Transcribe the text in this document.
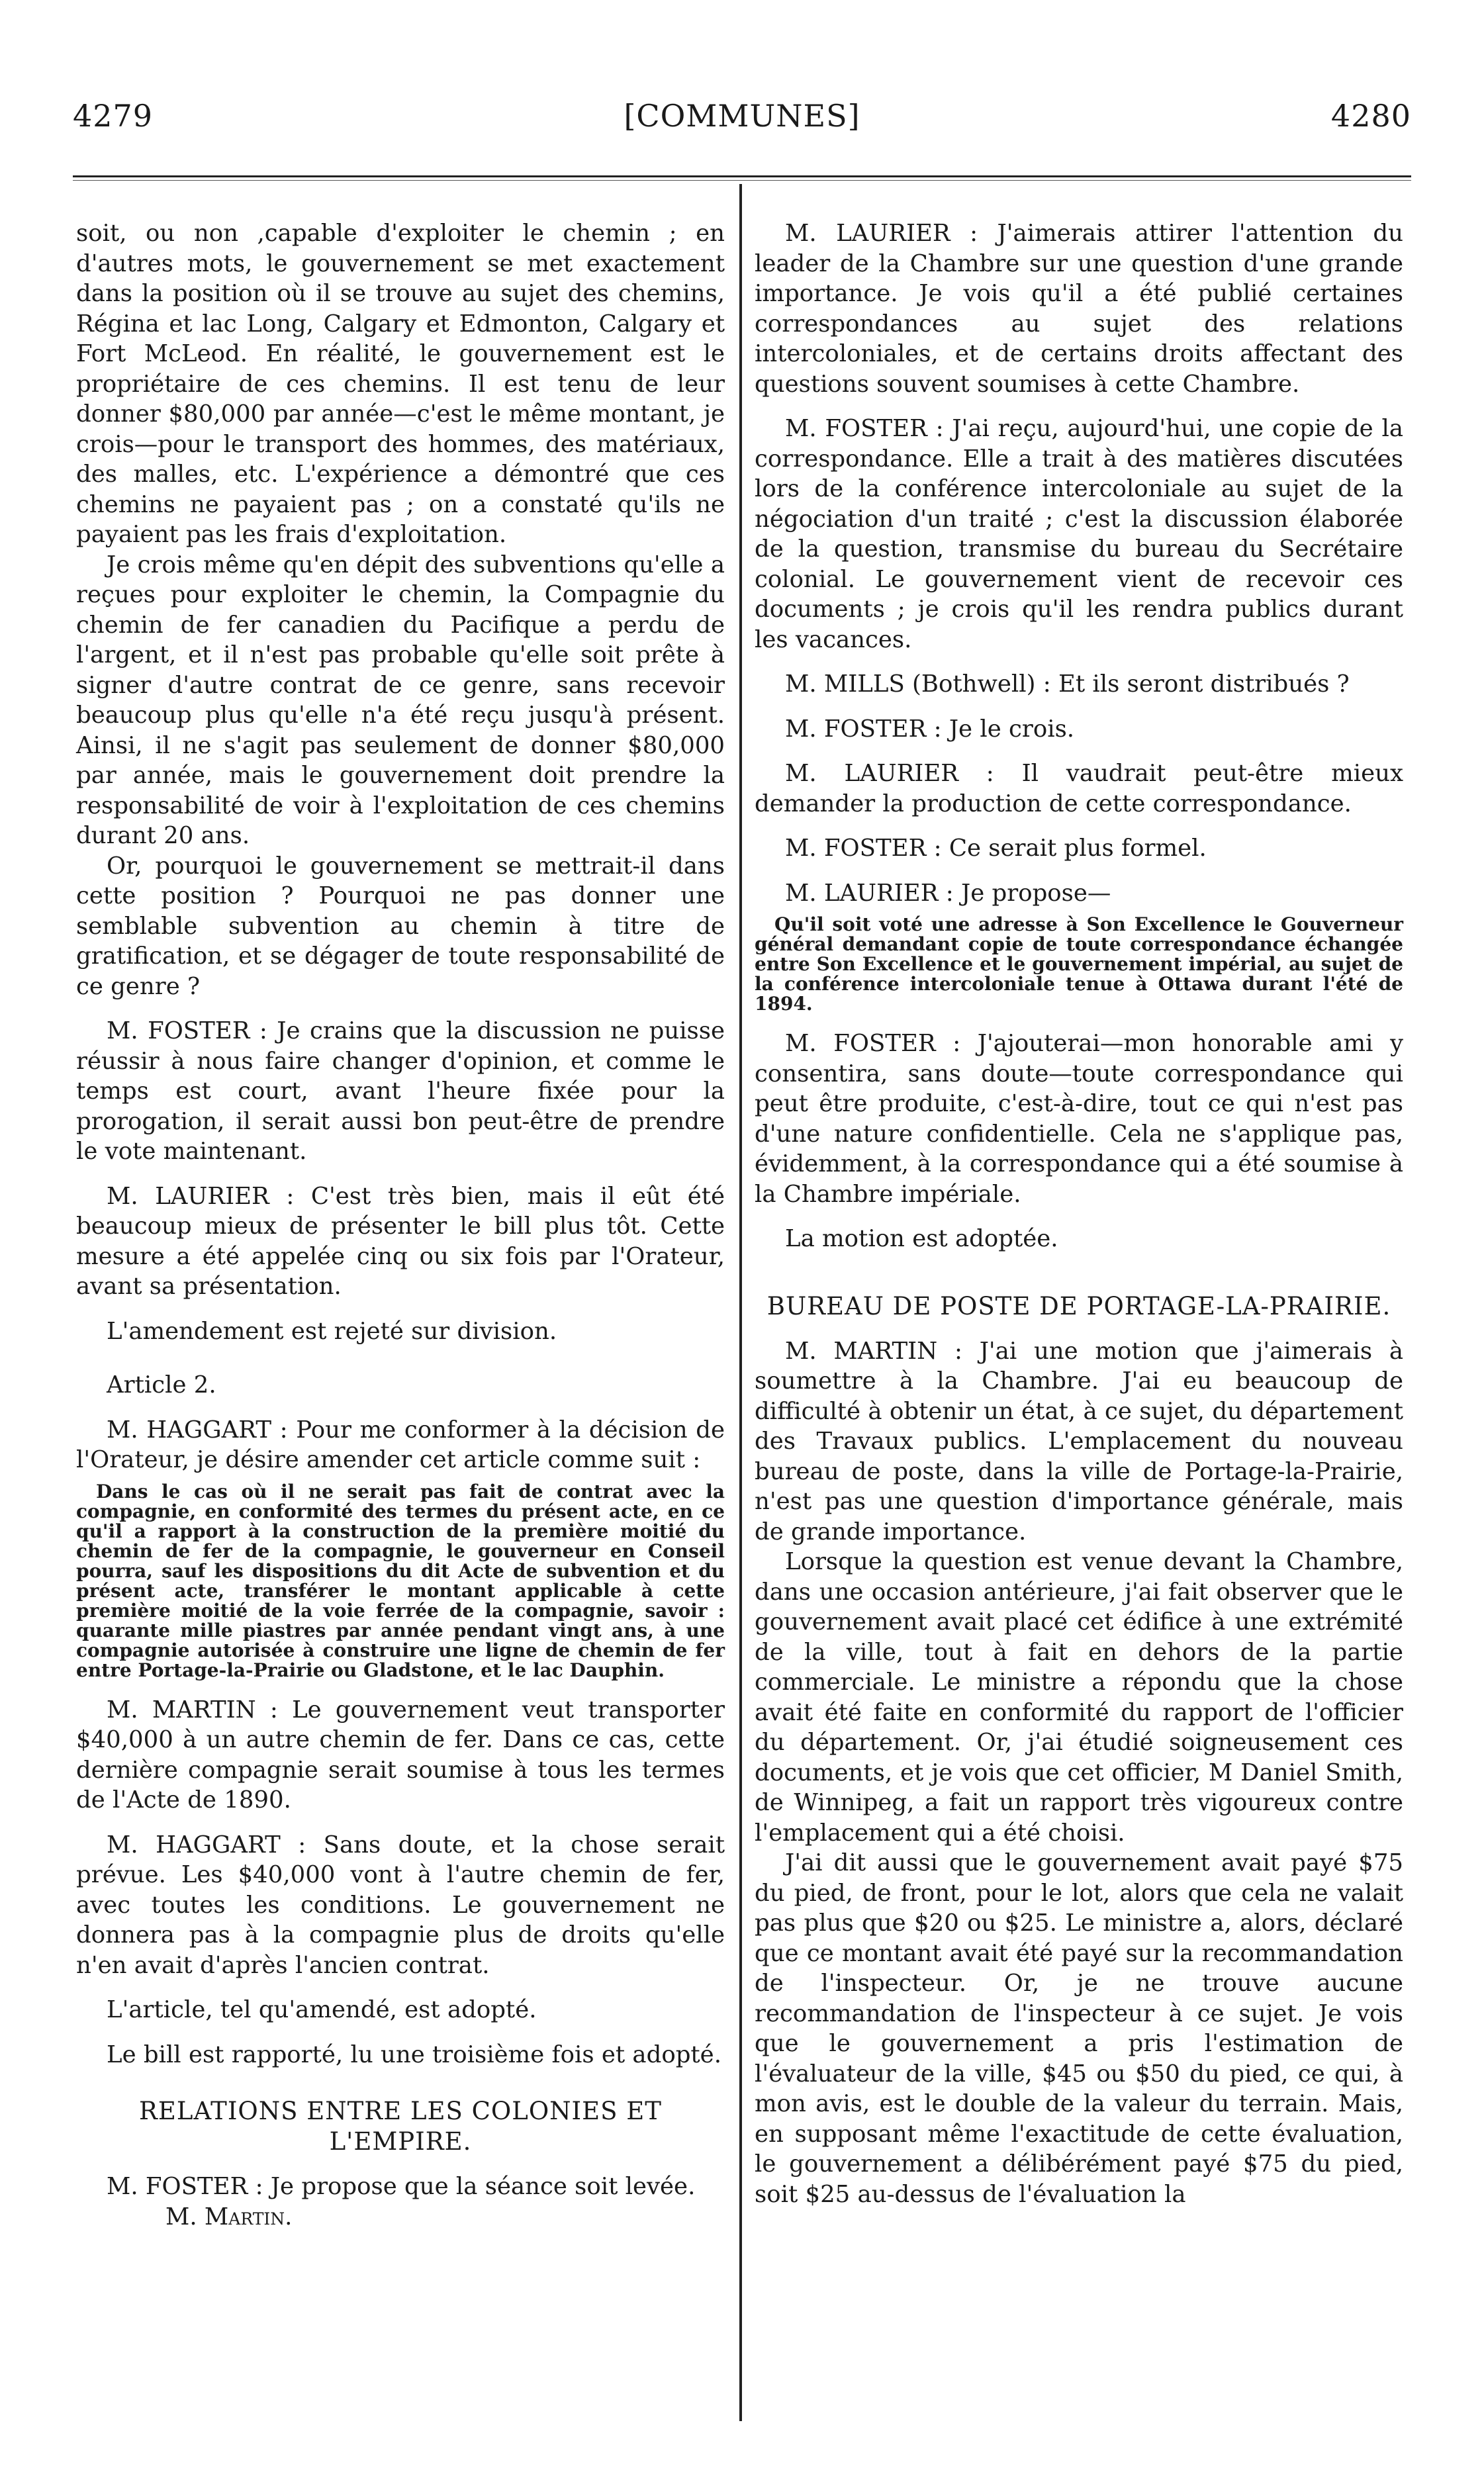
4279	[COMMUNES]	4280

soit, ou non ,capable d'exploiter le chemin ; en d'autres mots, le gouvernement se met exactement dans la position où il se trouve au sujet des chemins, Régina et lac Long, Calgary et Edmonton, Calgary et Fort McLeod. En réalité, le gouvernement est le propriétaire de ces chemins. Il est tenu de leur donner $80,000 par année—c'est le même montant, je crois—pour le transport des hommes, des matériaux, des malles, etc. L'expérience a démontré que ces chemins ne payaient pas ; on a constaté qu'ils ne payaient pas les frais d'exploitation.

Je crois même qu'en dépit des subventions qu'elle a reçues pour exploiter le chemin, la Compagnie du chemin de fer canadien du Pacifique a perdu de l'argent, et il n'est pas probable qu'elle soit prête à signer d'autre contrat de ce genre, sans recevoir beaucoup plus qu'elle n'a été reçu jusqu'à présent. Ainsi, il ne s'agit pas seulement de donner $80,000 par année, mais le gouvernement doit prendre la responsabilité de voir à l'exploitation de ces chemins durant 20 ans.

Or, pourquoi le gouvernement se mettrait-il dans cette position ? Pourquoi ne pas donner une semblable subvention au chemin à titre de gratification, et se dégager de toute responsabilité de ce genre ?

M. FOSTER : Je crains que la discussion ne puisse réussir à nous faire changer d'opinion, et comme le temps est court, avant l'heure fixée pour la prorogation, il serait aussi bon peut-être de prendre le vote maintenant.

M. LAURIER : C'est très bien, mais il eût été beaucoup mieux de présenter le bill plus tôt. Cette mesure a été appelée cinq ou six fois par l'Orateur, avant sa présentation.

L'amendement est rejeté sur division.

Article 2.

M. HAGGART : Pour me conformer à la décision de l'Orateur, je désire amender cet article comme suit :

Dans le cas où il ne serait pas fait de contrat avec la compagnie, en conformité des termes du présent acte, en ce qu'il a rapport à la construction de la première moitié du chemin de fer de la compagnie, le gouverneur en Conseil pourra, sauf les dispositions du dit Acte de subvention et du présent acte, transférer le montant applicable à cette première moitié de la voie ferrée de la compagnie, savoir : quarante mille piastres par année pendant vingt ans, à une compagnie autorisée à construire une ligne de chemin de fer entre Portage-la-Prairie ou Gladstone, et le lac Dauphin.

M. MARTIN : Le gouvernement veut transporter $40,000 à un autre chemin de fer. Dans ce cas, cette dernière compagnie serait soumise à tous les termes de l'Acte de 1890.

M. HAGGART : Sans doute, et la chose serait prévue. Les $40,000 vont à l'autre chemin de fer, avec toutes les conditions. Le gouvernement ne donnera pas à la compagnie plus de droits qu'elle n'en avait d'après l'ancien contrat.

L'article, tel qu'amendé, est adopté.

Le bill est rapporté, lu une troisième fois et adopté.

RELATIONS ENTRE LES COLONIES ET L'EMPIRE.

M. FOSTER : Je propose que la séance soit levée.

M. Martin.

M. LAURIER : J'aimerais attirer l'attention du leader de la Chambre sur une question d'une grande importance. Je vois qu'il a été publié certaines correspondances au sujet des relations intercoloniales, et de certains droits affectant des questions souvent soumises à cette Chambre.

M. FOSTER : J'ai reçu, aujourd'hui, une copie de la correspondance. Elle a trait à des matières discutées lors de la conférence intercoloniale au sujet de la négociation d'un traité ; c'est la discussion élaborée de la question, transmise du bureau du Secrétaire colonial. Le gouvernement vient de recevoir ces documents ; je crois qu'il les rendra publics durant les vacances.

M. MILLS (Bothwell) : Et ils seront distribués ?

M. FOSTER : Je le crois.

M. LAURIER : Il vaudrait peut-être mieux demander la production de cette correspondance.

M. FOSTER : Ce serait plus formel.

M. LAURIER : Je propose—

Qu'il soit voté une adresse à Son Excellence le Gouverneur général demandant copie de toute correspondance échangée entre Son Excellence et le gouvernement impérial, au sujet de la conférence intercoloniale tenue à Ottawa durant l'été de 1894.

M. FOSTER : J'ajouterai—mon honorable ami y consentira, sans doute—toute correspondance qui peut être produite, c'est-à-dire, tout ce qui n'est pas d'une nature confidentielle. Cela ne s'applique pas, évidemment, à la correspondance qui a été soumise à la Chambre impériale.

La motion est adoptée.

BUREAU DE POSTE DE PORTAGE-LA-PRAIRIE.

M. MARTIN : J'ai une motion que j'aimerais à soumettre à la Chambre. J'ai eu beaucoup de difficulté à obtenir un état, à ce sujet, du département des Travaux publics. L'emplacement du nouveau bureau de poste, dans la ville de Portage-la-Prairie, n'est pas une question d'importance générale, mais de grande importance.

Lorsque la question est venue devant la Chambre, dans une occasion antérieure, j'ai fait observer que le gouvernement avait placé cet édifice à une extrémité de la ville, tout à fait en dehors de la partie commerciale. Le ministre a répondu que la chose avait été faite en conformité du rapport de l'officier du département. Or, j'ai étudié soigneusement ces documents, et je vois que cet officier, M Daniel Smith, de Winnipeg, a fait un rapport très vigoureux contre l'emplacement qui a été choisi.

J'ai dit aussi que le gouvernement avait payé $75 du pied, de front, pour le lot, alors que cela ne valait pas plus que $20 ou $25. Le ministre a, alors, déclaré que ce montant avait été payé sur la recommandation de l'inspecteur. Or, je ne trouve aucune recommandation de l'inspecteur à ce sujet. Je vois que le gouvernement a pris l'estimation de l'évaluateur de la ville, $45 ou $50 du pied, ce qui, à mon avis, est le double de la valeur du terrain. Mais, en supposant même l'exactitude de cette évaluation, le gouvernement a délibérément payé $75 du pied, soit $25 au-dessus de l'évaluation la
